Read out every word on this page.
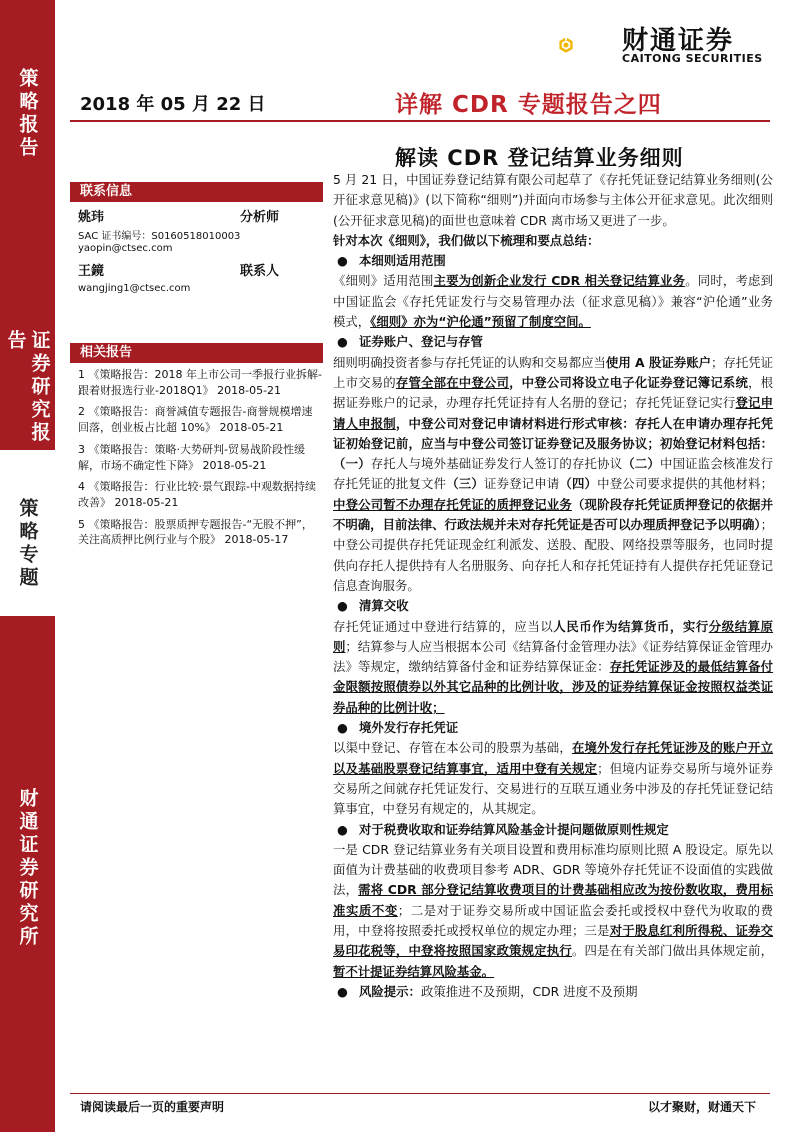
策略报告
证券研究报告
策略专题
财通证券研究所
财通证券
CAITONG SECURITIES
2018 年 05 月 22 日	详解 CDR 专题报告之四
解读 CDR 登记结算业务细则
联系信息
姚玮	分析师
SAC 证书编号：S0160518010003
yaopin@ctsec.com
王鏡	联系人
wangjing1@ctsec.com
相关报告
1 《策略报告：2018 年上市公司一季报行业拆解-跟着财报选行业-2018Q1》 2018-05-21
2 《策略报告：商誉减值专题报告-商誉规模增速回落，创业板占比超 10%》 2018-05-21
3 《策略报告：策略·大势研判-贸易战阶段性缓解，市场不确定性下降》 2018-05-21
4 《策略报告：行业比较·景气跟踪-中观数据持续改善》 2018-05-21
5 《策略报告：股票质押专题报告-“无股不押”，关注高质押比例行业与个股》 2018-05-17

5 月 21 日，中国证券登记结算有限公司起草了《存托凭证登记结算业务细则(公开征求意见稿)》(以下简称“细则”)并面向市场参与主体公开征求意见。此次细则(公开征求意见稿)的面世也意味着 CDR 离市场又更进了一步。

针对本次《细则》，我们做以下梳理和要点总结：

● 本细则适用范围

《细则》适用范围主要为创新企业发行 CDR 相关登记结算业务。同时，考虑到中国证监会《存托凭证发行与交易管理办法（征求意见稿）》兼容“沪伦通”业务模式，《细则》亦为“沪伦通”预留了制度空间。

● 证券账户、登记与存管

细则明确投资者参与存托凭证的认购和交易都应当使用 A 股证券账户；存托凭证上市交易的存管全部在中登公司，中登公司将设立电子化证券登记簿记系统，根据证券账户的记录，办理存托凭证持有人名册的登记；存托凭证登记实行登记申请人申报制，中登公司对登记申请材料进行形式审核：存托人在申请办理存托凭证初始登记前，应当与中登公司签订证券登记及服务协议；初始登记材料包括：（一）存托人与境外基础证券发行人签订的存托协议（二）中国证监会核准发行存托凭证的批复文件（三）证券登记申请（四）中登公司要求提供的其他材料；中登公司暂不办理存托凭证的质押登记业务（现阶段存托凭证质押登记的依据并不明确，目前法律、行政法规并未对存托凭证是否可以办理质押登记予以明确）；中登公司提供存托凭证现金红利派发、送股、配股、网络投票等服务，也同时提供向存托人提供持有人名册服务、向存托人和存托凭证持有人提供存托凭证登记信息查询服务。

● 清算交收

存托凭证通过中登进行结算的，应当以人民币作为结算货币，实行分级结算原则；结算参与人应当根据本公司《结算备付金管理办法》《证券结算保证金管理办法》等规定，缴纳结算备付金和证券结算保证金：存托凭证涉及的最低结算备付金限额按照债券以外其它品种的比例计收，涉及的证券结算保证金按照权益类证券品种的比例计收；

● 境外发行存托凭证

以渠中登记、存管在本公司的股票为基础，在境外发行存托凭证涉及的账户开立以及基础股票登记结算事宜，适用中登有关规定；但境内证券交易所与境外证券交易所之间就存托凭证发行、交易进行的互联互通业务中涉及的存托凭证登记结算事宜，中登另有规定的，从其规定。

● 对于税费收取和证券结算风险基金计提问题做原则性规定

一是 CDR 登记结算业务有关项目设置和费用标准均原则比照 A 股设定。原先以面值为计费基础的收费项目参考 ADR、GDR 等境外存托凭证不设面值的实践做法，需将 CDR 部分登记结算收费项目的计费基础相应改为按份数收取，费用标准实质不变；二是对于证券交易所或中国证监会委托或授权中登代为收取的费用，中登将按照委托或授权单位的规定办理；三是对于股息红利所得税、证券交易印花税等，中登将按照国家政策规定执行。四是在有关部门做出具体规定前，暂不计提证券结算风险基金。

● 风险提示：政策推进不及预期，CDR 进度不及预期

请阅读最后一页的重要声明	以才聚财，财通天下
